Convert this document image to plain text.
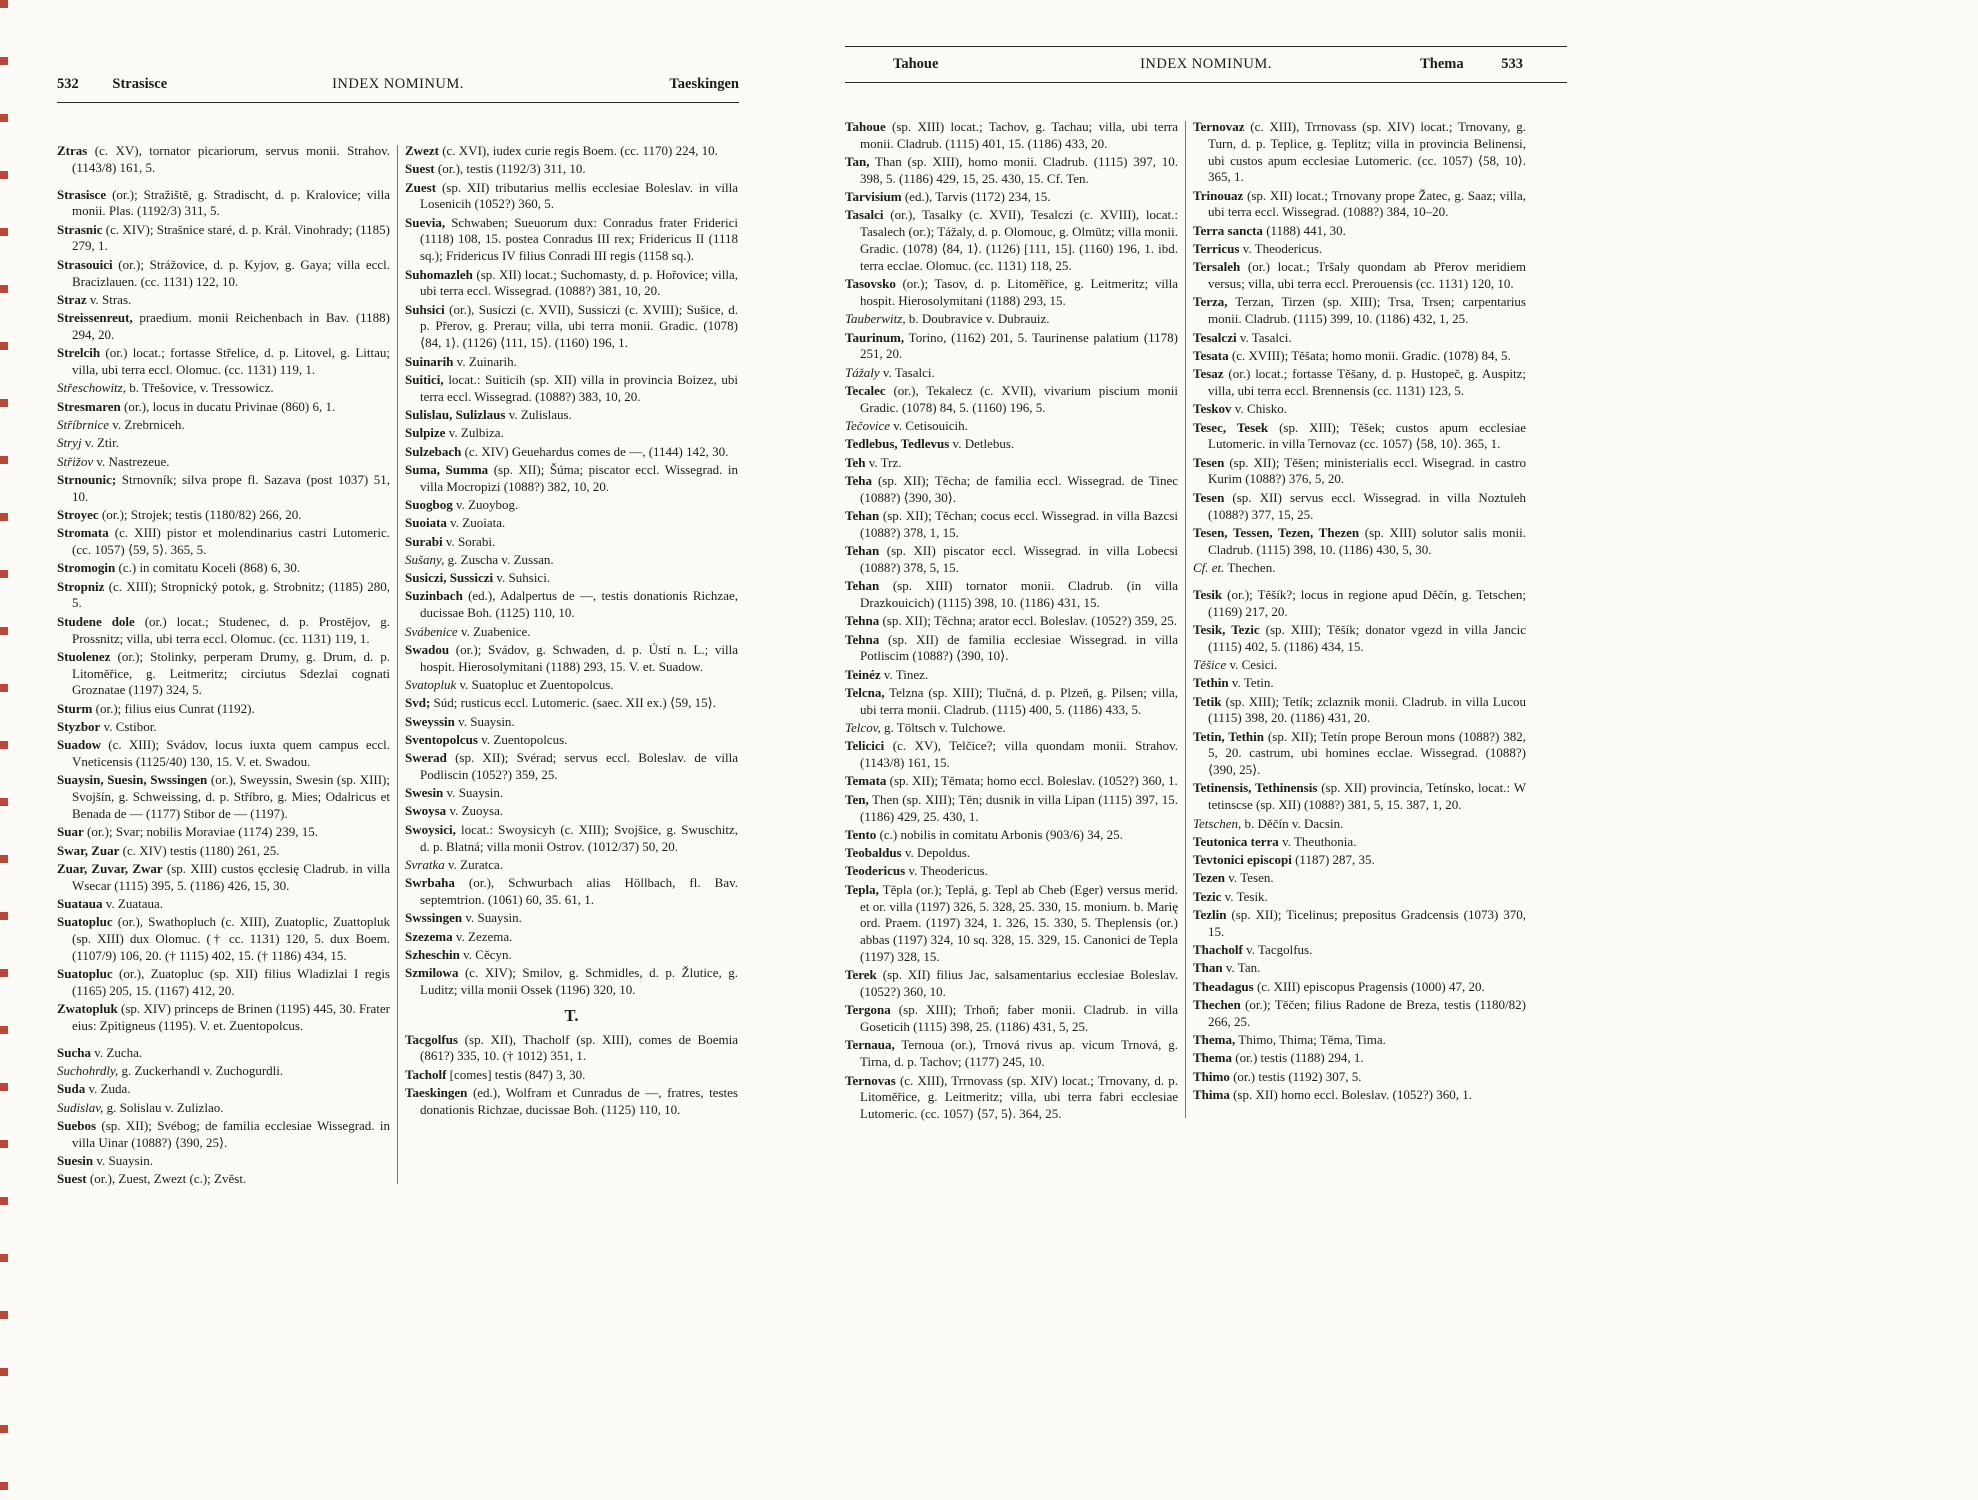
532 Strasisce	INDEX NOMINUM.	Taeskingen

Ztras (c. XV), tornator picariorum, servus monii. Strahov. (1143/8) 161, 5.

Strasisce (or.); Stražiště, g. Stradischt, d. p. Kralovice; villa monii. Plas. (1192/3) 311, 5.

Strasnic (c. XIV); Strašnice staré, d. p. Král. Vinohrady; (1185) 279, 1.

Strasouici (or.); Strážovice, d. p. Kyjov, g. Gaya; villa eccl. Bracizlauen. (cc. 1131) 122, 10.

Straz v. Stras.

Streissenreut, praedium. monii Reichenbach in Bav. (1188) 294, 20.

Strelcih (or.) locat.; fortasse Střelice, d. p. Litovel, g. Littau; villa, ubi terra eccl. Olomuc. (cc. 1131) 119, 1.

Střeschowitz, b. Třešovice, v. Tressowicz.

Stresmaren (or.), locus in ducatu Privinae (860) 6, 1.

Stříbrnice v. Zrebrniceh.

Stryj v. Ztir.

Střižov v. Nastrezeue.

Strnounic; Strnovník; silva prope fl. Sazava (post 1037) 51, 10.

Stroyec (or.); Strojek; testis (1180/82) 266, 20.

Stromata (c. XIII) pistor et molendinarius castri Lutomeric. (cc. 1057) ⟨59, 5⟩. 365, 5.

Stromogin (c.) in comitatu Koceli (868) 6, 30.

Stropniz (c. XIII); Stropnický potok, g. Strobnitz; (1185) 280, 5.

Studene dole (or.) locat.; Studenec, d. p. Prostějov, g. Prossnitz; villa, ubi terra eccl. Olomuc. (cc. 1131) 119, 1.

Stuolenez (or.); Stolinky, perperam Drumy, g. Drum, d. p. Litoměřice, g. Leitmeritz; circiutus Sdezlai cognati Groznatae (1197) 324, 5.

Sturm (or.); filius eius Cunrat (1192).

Styzbor v. Cstibor.

Suadow (c. XIII); Svádov, locus iuxta quem campus eccl. Vneticensis (1125/40) 130, 15. V. et. Swadou.

Suaysin, Suesin, Swssingen (or.), Sweyssin, Swesin (sp. XIII); Svojšín, g. Schweissing, d. p. Stříbro, g. Mies; Odalricus et Benada de — (1177) Stibor de — (1197).

Suar (or.); Svar; nobilis Moraviae (1174) 239, 15.

Swar, Zuar (c. XIV) testis (1180) 261, 25.

Zuar, Zuvar, Zwar (sp. XIII) custos ęcclesię Cladrub. in villa Wsecar (1115) 395, 5. (1186) 426, 15, 30.

Suataua v. Zuataua.

Suatopluc (or.), Swathopluch (c. XIII), Zuatoplic, Zuattopluk (sp. XIII) dux Olomuc. († cc. 1131) 120, 5. dux Boem. (1107/9) 106, 20. († 1115) 402, 15. († 1186) 434, 15.

Suatopluc (or.), Zuatopluc (sp. XII) filius Wladizlai I regis (1165) 205, 15. (1167) 412, 20.

Zwatopluk (sp. XIV) princeps de Brinen (1195) 445, 30. Frater eius: Zpitigneus (1195). V. et. Zuentopolcus.

Sucha v. Zucha.

Suchohrdly, g. Zuckerhandl v. Zuchogurdli.

Suda v. Zuda.

Sudislav, g. Solislau v. Zulizlao.

Suebos (sp. XII); Svébog; de familia ecclesiae Wissegrad. in villa Uinar (1088?) ⟨390, 25⟩.

Suesin v. Suaysin.

Suest (or.), Zuest, Zwezt (c.); Zvěst.

Zwezt (c. XVI), iudex curie regis Boem. (cc. 1170) 224, 10.

Suest (or.), testis (1192/3) 311, 10.

Zuest (sp. XII) tributarius mellis ecclesiae Boleslav. in villa Losenicih (1052?) 360, 5.

Suevia, Schwaben; Sueuorum dux: Conradus frater Friderici (1118) 108, 15. postea Conradus III rex; Fridericus II (1118 sq.); Fridericus IV filius Conradi III regis (1158 sq.).

Suhomazleh (sp. XII) locat.; Suchomasty, d. p. Hořovice; villa, ubi terra eccl. Wissegrad. (1088?) 381, 10, 20.

Suhsici (or.), Susiczi (c. XVII), Sussiczi (c. XVIII); Sušice, d. p. Přerov, g. Prerau; villa, ubi terra monii. Gradic. (1078) ⟨84, 1⟩. (1126) ⟨111, 15⟩. (1160) 196, 1.

Suinarih v. Zuinarih.

Suitici, locat.: Suiticih (sp. XII) villa in provincia Boizez, ubi terra eccl. Wissegrad. (1088?) 383, 10, 20.

Sulislau, Sulizlaus v. Zulislaus.

Sulpize v. Zulbiza.

Sulzebach (c. XIV) Geuehardus comes de —, (1144) 142, 30.

Suma, Summa (sp. XII); Šúma; piscator eccl. Wissegrad. in villa Mocropizi (1088?) 382, 10, 20.

Suogbog v. Zuoybog.

Suoiata v. Zuoiata.

Surabi v. Sorabi.

Sušany, g. Zuscha v. Zussan.

Susiczi, Sussiczi v. Suhsici.

Suzinbach (ed.), Adalpertus de —, testis donationis Richzae, ducissae Boh. (1125) 110, 10.

Svábenice v. Zuabenice.

Swadou (or.); Svádov, g. Schwaden, d. p. Ústí n. L.; villa hospit. Hierosolymitani (1188) 293, 15. V. et. Suadow.

Svatopluk v. Suatopluc et Zuentopolcus.

Svd; Súd; rusticus eccl. Lutomeric. (saec. XII ex.) ⟨59, 15⟩.

Sweyssin v. Suaysin.

Sventopolcus v. Zuentopolcus.

Swerad (sp. XII); Svérad; servus eccl. Boleslav. de villa Podliscin (1052?) 359, 25.

Swesin v. Suaysin.

Swoysa v. Zuoysa.

Swoysici, locat.: Swoysicyh (c. XIII); Svojšice, g. Swuschitz, d. p. Blatná; villa monii Ostrov. (1012/37) 50, 20.

Svratka v. Zuratca.

Swrbaha (or.), Schwurbach alias Höllbach, fl. Bav. septemtrion. (1061) 60, 35. 61, 1.

Swssingen v. Suaysin.

Szezema v. Zezema.

Szheschin v. Cěcyn.

Szmilowa (c. XIV); Smilov, g. Schmidles, d. p. Žlutice, g. Luditz; villa monii Ossek (1196) 320, 10.

T.

Tacgolfus (sp. XII), Thacholf (sp. XIII), comes de Boemia (861?) 335, 10. († 1012) 351, 1.

Tacholf [comes] testis (847) 3, 30.

Taeskingen (ed.), Wolfram et Cunradus de —, fratres, testes donationis Richzae, ducissae Boh. (1125) 110, 10.

Tahoue	INDEX NOMINUM.	Thema	533

Tahoue (sp. XIII) locat.; Tachov, g. Tachau; villa, ubi terra monii. Cladrub. (1115) 401, 15. (1186) 433, 20.

Tan, Than (sp. XIII), homo monii. Cladrub. (1115) 397, 10. 398, 5. (1186) 429, 15, 25. 430, 15. Cf. Ten.

Tarvisium (ed.), Tarvis (1172) 234, 15.

Tasalci (or.), Tasalky (c. XVII), Tesalczi (c. XVIII), locat.: Tasalech (or.); Tážaly, d. p. Olomouc, g. Olmütz; villa monii. Gradic. (1078) ⟨84, 1⟩. (1126) [111, 15]. (1160) 196, 1. ibd. terra ecclae. Olomuc. (cc. 1131) 118, 25.

Tasovsko (or.); Tasov, d. p. Litoměřice, g. Leitmeritz; villa hospit. Hierosolymitani (1188) 293, 15.

Tauberwitz, b. Doubravice v. Dubrauiz.

Taurinum, Torino, (1162) 201, 5. Taurinense palatium (1178) 251, 20.

Tážaly v. Tasalci.

Tecalec (or.), Tekalecz (c. XVII), vivarium piscium monii Gradic. (1078) 84, 5. (1160) 196, 5.

Tečovice v. Cetisouicih.

Tedlebus, Tedlevus v. Detlebus.

Teh v. Trz.

Teha (sp. XII); Těcha; de familia eccl. Wissegrad. de Tinec (1088?) ⟨390, 30⟩.

Tehan (sp. XII); Těchan; cocus eccl. Wissegrad. in villa Bazcsi (1088?) 378, 1, 15.

Tehan (sp. XII) piscator eccl. Wissegrad. in villa Lobecsi (1088?) 378, 5, 15.

Tehan (sp. XIII) tornator monii. Cladrub. (in villa Drazkouicich) (1115) 398, 10. (1186) 431, 15.

Tehna (sp. XII); Těchna; arator eccl. Boleslav. (1052?) 359, 25.

Tehna (sp. XII) de familia ecclesiae Wissegrad. in villa Potliscim (1088?) ⟨390, 10⟩.

Teinéz v. Tinez.

Telcna, Telzna (sp. XIII); Tlučná, d. p. Plzeň, g. Pilsen; villa, ubi terra monii. Cladrub. (1115) 400, 5. (1186) 433, 5.

Telcov, g. Töltsch v. Tulchowe.

Telicici (c. XV), Telčice?; villa quondam monii. Strahov. (1143/8) 161, 15.

Temata (sp. XII); Těmata; homo eccl. Boleslav. (1052?) 360, 1.

Ten, Then (sp. XIII); Těn; dusnik in villa Lipan (1115) 397, 15. (1186) 429, 25. 430, 1.

Tento (c.) nobilis in comitatu Arbonis (903/6) 34, 25.

Teobaldus v. Depoldus.

Teodericus v. Theodericus.

Tepla, Těpla (or.); Teplá, g. Tepl ab Cheb (Eger) versus merid. et or. villa (1197) 326, 5. 328, 25. 330, 15. monium. b. Marię ord. Praem. (1197) 324, 1. 326, 15. 330, 5. Theplensis (or.) abbas (1197) 324, 10 sq. 328, 15. 329, 15. Canonici de Tepla (1197) 328, 15.

Terek (sp. XII) filius Jac, salsamentarius ecclesiae Boleslav. (1052?) 360, 10.

Tergona (sp. XIII); Trhoň; faber monii. Cladrub. in villa Goseticih (1115) 398, 25. (1186) 431, 5, 25.

Ternaua, Ternoua (or.), Trnová rivus ap. vicum Trnová, g. Tirna, d. p. Tachov; (1177) 245, 10.

Ternovas (c. XIII), Trrnovass (sp. XIV) locat.; Trnovany, d. p. Litoměřice, g. Leitmeritz; villa, ubi terra fabri ecclesiae Lutomeric. (cc. 1057) ⟨57, 5⟩. 364, 25.

Ternovaz (c. XIII), Trrnovass (sp. XIV) locat.; Trnovany, g. Turn, d. p. Teplice, g. Teplitz; villa in provincia Belinensi, ubi custos apum ecclesiae Lutomeric. (cc. 1057) ⟨58, 10⟩. 365, 1.

Trinouaz (sp. XII) locat.; Trnovany prope Žatec, g. Saaz; villa, ubi terra eccl. Wissegrad. (1088?) 384, 10–20.

Terra sancta (1188) 441, 30.

Terricus v. Theodericus.

Tersaleh (or.) locat.; Tršaly quondam ab Přerov meridiem versus; villa, ubi terra eccl. Prerouensis (cc. 1131) 120, 10.

Terza, Terzan, Tirzen (sp. XIII); Trsa, Trsen; carpentarius monii. Cladrub. (1115) 399, 10. (1186) 432, 1, 25.

Tesalczi v. Tasalci.

Tesata (c. XVIII); Těšata; homo monii. Gradic. (1078) 84, 5.

Tesaz (or.) locat.; fortasse Těšany, d. p. Hustopeč, g. Auspitz; villa, ubi terra eccl. Brennensis (cc. 1131) 123, 5.

Teskov v. Chisko.

Tesec, Tesek (sp. XIII); Těšek; custos apum ecclesiae Lutomeric. in villa Ternovaz (cc. 1057) ⟨58, 10⟩. 365, 1.

Tesen (sp. XII); Těšen; ministerialis eccl. Wisegrad. in castro Kurim (1088?) 376, 5, 20.

Tesen (sp. XII) servus eccl. Wissegrad. in villa Noztuleh (1088?) 377, 15, 25.

Tesen, Tessen, Tezen, Thezen (sp. XIII) solutor salis monii. Cladrub. (1115) 398, 10. (1186) 430, 5, 30.

Cf. et. Thechen.

Tesik (or.); Těšík?; locus in regione apud Děčín, g. Tetschen; (1169) 217, 20.

Tesik, Tezic (sp. XIII); Těšík; donator vgezd in villa Jancic (1115) 402, 5. (1186) 434, 15.

Těšice v. Cesici.

Tethin v. Tetin.

Tetik (sp. XIII); Tetík; zclaznik monii. Cladrub. in villa Lucou (1115) 398, 20. (1186) 431, 20.

Tetin, Tethin (sp. XII); Tetín prope Beroun mons (1088?) 382, 5, 20. castrum, ubi homines ecclae. Wissegrad. (1088?) ⟨390, 25⟩.

Tetinensis, Tethinensis (sp. XII) provincia, Tetínsko, locat.: W tetinscse (sp. XII) (1088?) 381, 5, 15. 387, 1, 20.

Tetschen, b. Děčín v. Dacsin.

Teutonica terra v. Theuthonia.

Tevtonici episcopi (1187) 287, 35.

Tezen v. Tesen.

Tezic v. Tesik.

Tezlin (sp. XII); Ticelinus; prepositus Gradcensis (1073) 370, 15.

Thacholf v. Tacgolfus.

Than v. Tan.

Theadagus (c. XIII) episcopus Pragensis (1000) 47, 20.

Thechen (or.); Těčen; filius Radone de Breza, testis (1180/82) 266, 25.

Thema, Thimo, Thima; Těma, Tima.

Thema (or.) testis (1188) 294, 1.

Thimo (or.) testis (1192) 307, 5.

Thima (sp. XII) homo eccl. Boleslav. (1052?) 360, 1.
